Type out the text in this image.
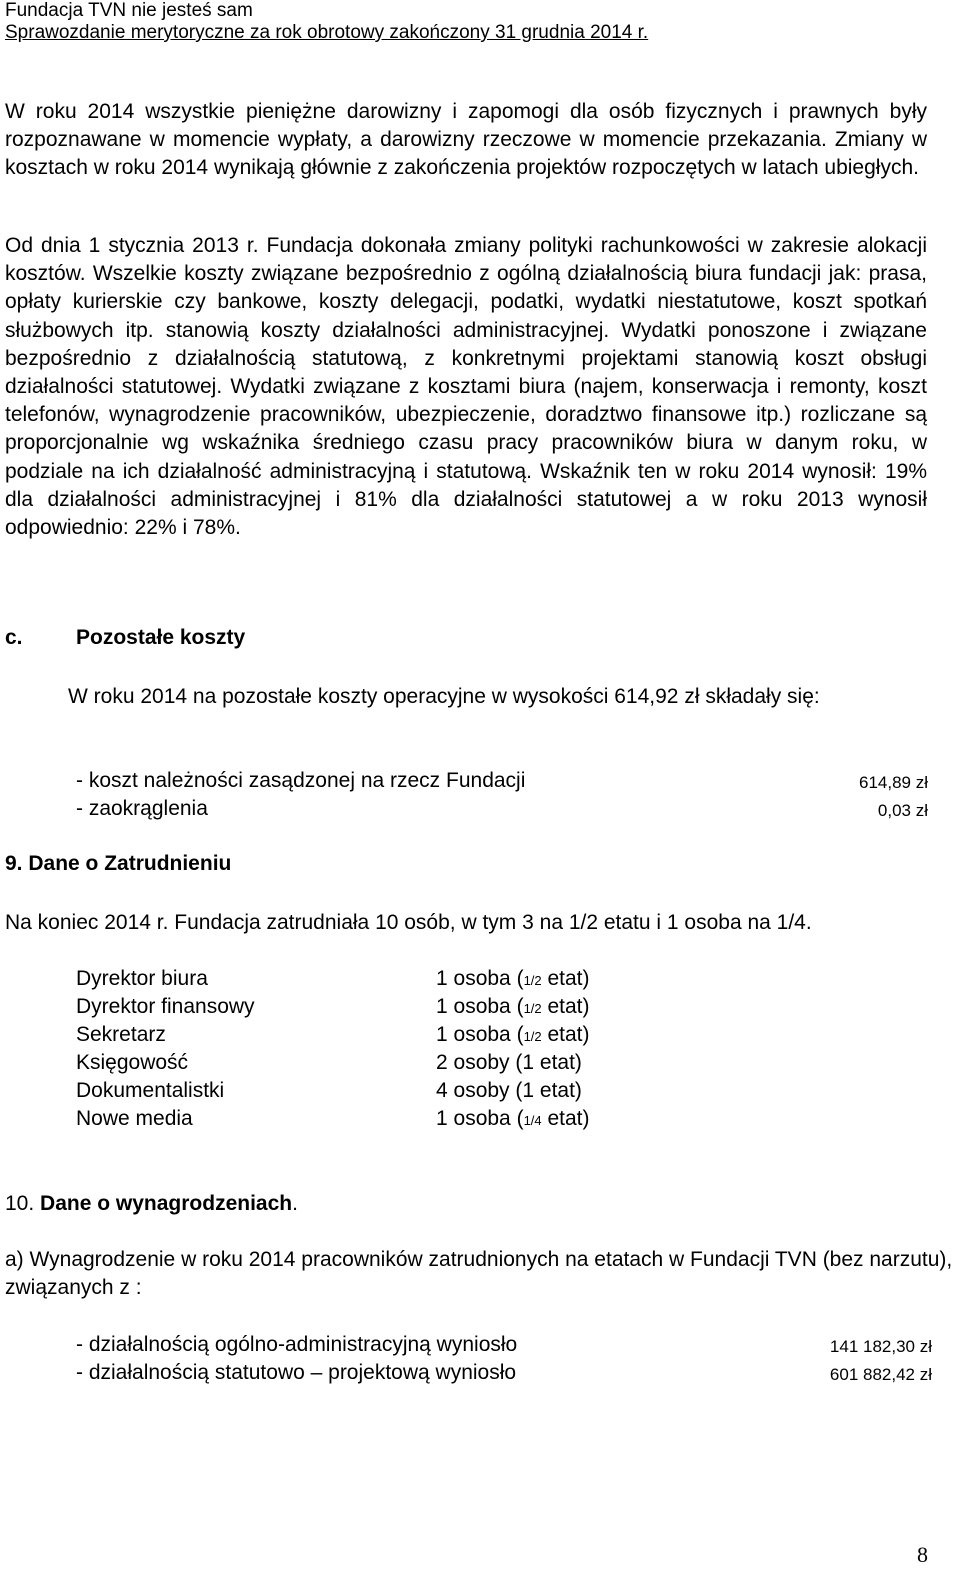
Fundacja TVN nie jesteś sam
Sprawozdanie merytoryczne za rok obrotowy zakończony 31 grudnia 2014 r.
W roku 2014 wszystkie pieniężne darowizny i zapomogi dla osób fizycznych i prawnych były rozpoznawane w momencie wypłaty, a darowizny rzeczowe w momencie przekazania. Zmiany w kosztach w roku 2014 wynikają głównie z zakończenia projektów rozpoczętych w latach ubiegłych.
Od dnia 1 stycznia 2013 r. Fundacja dokonała zmiany polityki rachunkowości w zakresie alokacji kosztów. Wszelkie koszty związane bezpośrednio z ogólną działalnością biura fundacji jak: prasa, opłaty kurierskie czy bankowe, koszty delegacji, podatki, wydatki niestatutowe, koszt spotkań służbowych itp. stanowią koszty działalności administracyjnej. Wydatki ponoszone i związane bezpośrednio z działalnością statutową, z konkretnymi projektami stanowią koszt obsługi działalności statutowej. Wydatki związane z kosztami biura (najem, konserwacja i remonty, koszt telefonów, wynagrodzenie pracowników, ubezpieczenie, doradztwo finansowe itp.) rozliczane są proporcjonalnie wg wskaźnika średniego czasu pracy pracowników biura w danym roku, w podziale na ich działalność administracyjną i statutową. Wskaźnik ten w roku 2014 wynosił: 19% dla działalności administracyjnej i 81% dla działalności statutowej a w roku 2013 wynosił odpowiednio: 22% i 78%.
c.	Pozostałe koszty
W roku 2014 na pozostałe koszty operacyjne w wysokości 614,92 zł składały się:
- koszt należności zasądzonej na rzecz Fundacji	614,89 zł
- zaokrąglenia	0,03 zł
9. Dane o Zatrudnieniu
Na koniec 2014 r. Fundacja zatrudniała 10 osób, w tym 3 na 1/2 etatu i 1 osoba na 1/4.
Dyrektor biura	1 osoba (1/2 etat)
Dyrektor finansowy	1 osoba (1/2 etat)
Sekretarz	1 osoba (1/2 etat)
Księgowość	2 osoby (1 etat)
Dokumentalistki	4 osoby (1 etat)
Nowe media	1 osoba (1/4 etat)
10. Dane o wynagrodzeniach.
a) Wynagrodzenie w roku 2014 pracowników zatrudnionych na etatach w Fundacji TVN (bez narzutu), związanych z :
- działalnością ogólno-administracyjną wyniosło	141 182,30 zł
- działalnością statutowo – projektową wyniosło	601 882,42 zł
8
